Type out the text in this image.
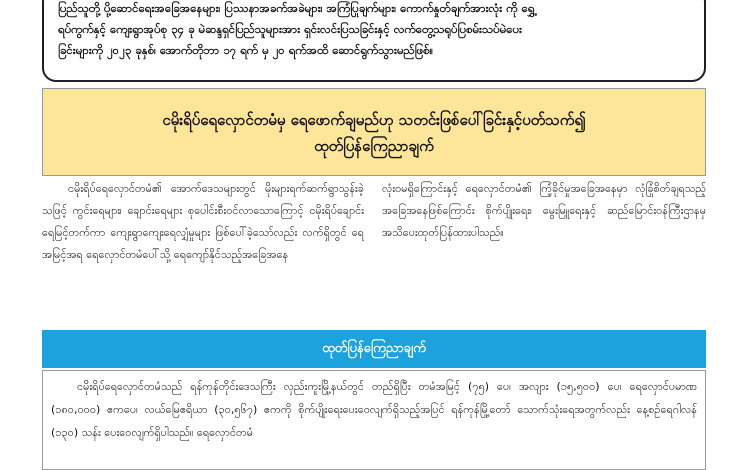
ပြည်သူတို့ ပို့ဆောင်ရေးအခြေအနေများ၊ ပြဿနာအခက်အခဲများ၊ အကြံပြုချက်များ၊ ကောက်နှုတ်ချက်အားလုံး ကို ရွှေ့

ရပ်ကွက်နှင့် ကျေးရွာအုပ်စု ၃၄ ခု မဲဆန္ဒရှင်ပြည်သူများအား ရှင်းလင်းပြသခြင်းနှင့် လက်တွေ့သရုပ်ပြစမ်းသပ်မဲပေး

ခြင်းများကို ၂၀၂၃ ခုနှစ်၊ အောက်တိုဘာ ၁၇ ရက် မှ ၂၀ ရက်အထိ ဆောင်ရွက်သွားမည်ဖြစ်။

ငမိုးရိပ်ရေလှောင်တမံမှ ရေဖောက်ချမည်ဟု သတင်းဖြစ်ပေါ်ခြင်းနှင့်ပတ်သက်၍

ထုတ်ပြန်ကြေညာချက်

ငမိုးရိပ်ရေလှောင်တမံ၏ အောက်ဒေသများတွင် မိုးများရက်ဆက်ရွာသွန်းခဲ့သဖြင့် ကွင်းရေများ၊ ချောင်းရေများ စုပေါင်းစီးဝင်လာသောကြောင့် ငမိုးရိပ်ချောင်းရေမြင့်တက်ကာ ကျေးရွာကျေးရေလျှံမှုများ ဖြစ်ပေါ်ခဲ့သော်လည်း လက်ရှိတွင် ရေအမြင့်အရ ရေလှောင်တမံပေါ်သို့ ရေကျော်နိုင်သည့်အခြေအနေ
လုံးဝမရှိကြောင်းနှင့် ရေလှောင်တမံ၏ ကြံ့ခိုင်မှုအခြေအနေမှာ လုံခြုံစိတ်ချရသည့် အခြေအနေဖြစ်ကြောင်း စိုက်ပျိုးရေး၊ မွေးမြူရေးနှင့် ဆည်မြောင်းဝန်ကြီးဌာနမှ အသိပေးထုတ်ပြန်ထားပါသည်။
ထုတ်ပြန်ကြေညာချက်

ငမိုးရိပ်ရေလှောင်တမံသည် ရန်ကုန်တိုင်းဒေသကြီး လှည်းကူးမြို့နယ်တွင် တည်ရှိပြီး တမံအမြင့် (၇၅) ပေ၊ အလျား (၁၅,၅၀၀) ပေ၊ ရေလှောင်ပမာဏ (၁၈၀,၀၀၀) ဧကပေ၊ လယ်မြေဧရိယာ (၃၀,၅၆၇) ဧကကို စိုက်ပျိုးရေးပေးဝေလျက်ရှိသည့်အပြင် ရန်ကုန်မြို့တော် သောက်သုံးရေအတွက်လည်း နေ့စဉ်ရေဂါလန် (၁၃၀) သန်း ပေးဝေလျက်ရှိပါသည်။ ရေလှောင်တမံ
